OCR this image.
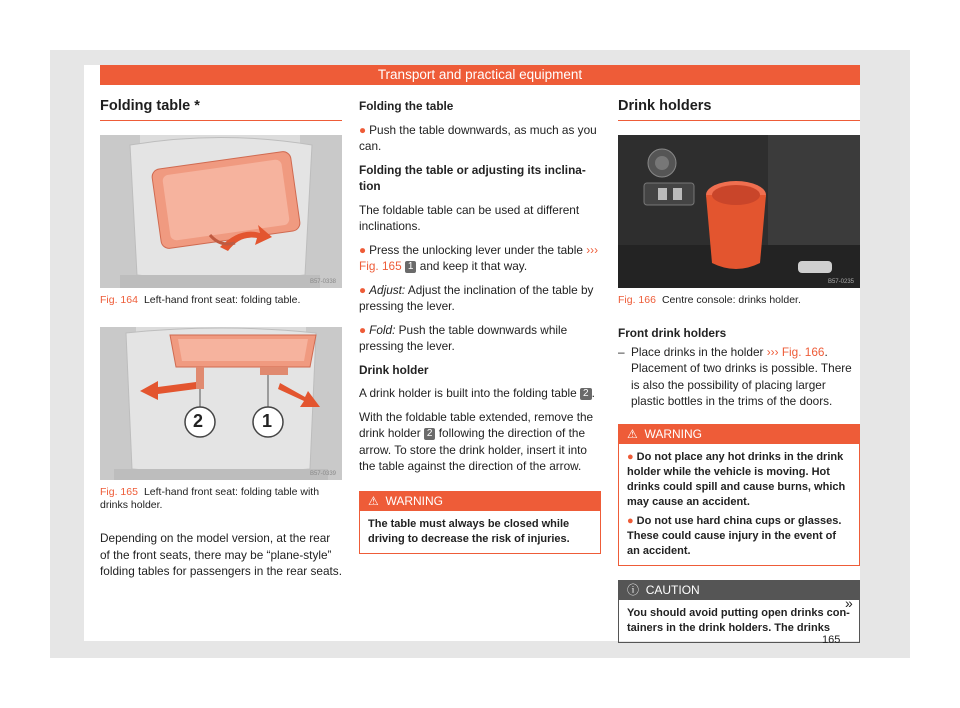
Transport and practical equipment
Folding table *
B57-0338
Fig. 164 Left-hand front seat: folding table.
2	1
B57-0339
Fig. 165 Left-hand front seat: folding table with drinks holder.
Depending on the model version, at the rear of the front seats, there may be “plane-style” folding tables for passengers in the rear seats.

Folding the table

● Push the table downwards, as much as you can.

Folding the table or adjusting its inclina- tion

The foldable table can be used at different inclinations.

● Press the unlocking lever under the table ››› Fig. 165 1 and keep it that way.

● Adjust: Adjust the inclination of the table by pressing the lever.

● Fold: Push the table downwards while pressing the lever.

Drink holder

A drink holder is built into the folding table 2 .

With the foldable table extended, remove the drink holder 2 following the direction of the arrow. To store the drink holder, insert it into the table against the direction of the arrow.

⚠ WARNING
The table must always be closed while driving to decrease the risk of injuries.
Drink holders
B57-0235
Fig. 166 Centre console: drinks holder.

Front drink holders

– Place drinks in the holder ››› Fig. 166. Placement of two drinks is possible. There is also the possibility of placing larger plastic bottles in the trims of the doors.
⚠ WARNING

● Do not place any hot drinks in the drink holder while the vehicle is moving. Hot drinks could spill and cause burns, which may cause an accident.

● Do not use hard china cups or glasses. These could cause injury in the event of an accident.

ⓘ CAUTION
You should avoid putting open drinks con- tainers in the drink holders. The drinks
»
165
